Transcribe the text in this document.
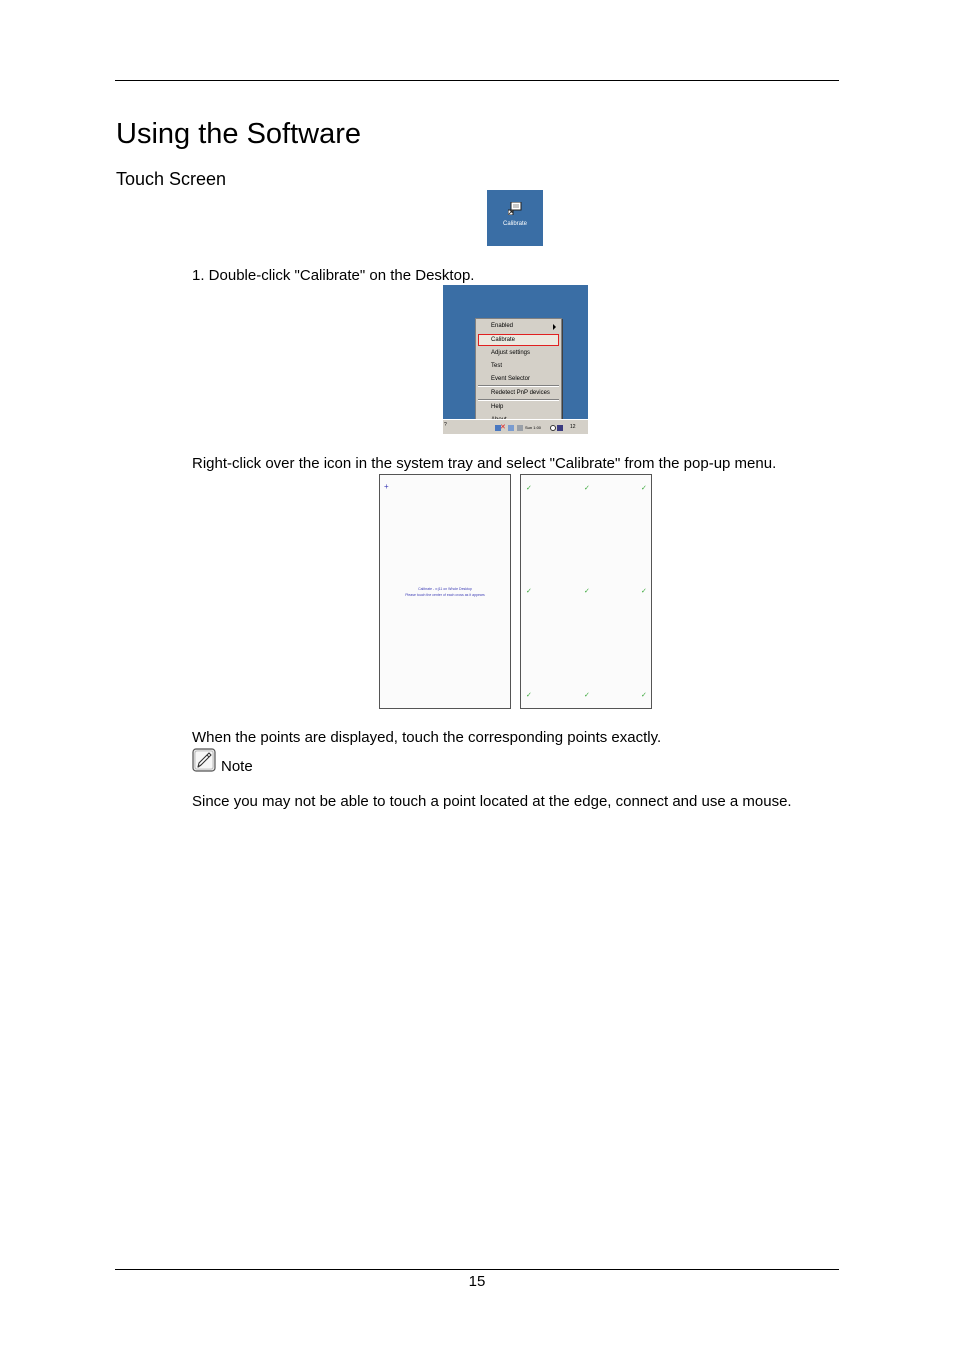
Using the Software
Touch Screen
Calibrate
1. Double-click "Calibrate" on the Desktop.
Enabled
Calibrate
Adjust settings
Test
Event Selector
Redetect PnP devices
Help
?	✕	Sun 1:00	12
Right-click over the icon in the system tray and select "Calibrate" from the pop-up menu.
+
Calibrate - x:j11 on Whole Desktop
Please touch the center of each cross as it appears
✓	✓	✓
✓	✓	✓
✓	✓	✓
When the points are displayed, touch the corresponding points exactly.
Note
Since you may not be able to touch a point located at the edge, connect and use a mouse.
15
